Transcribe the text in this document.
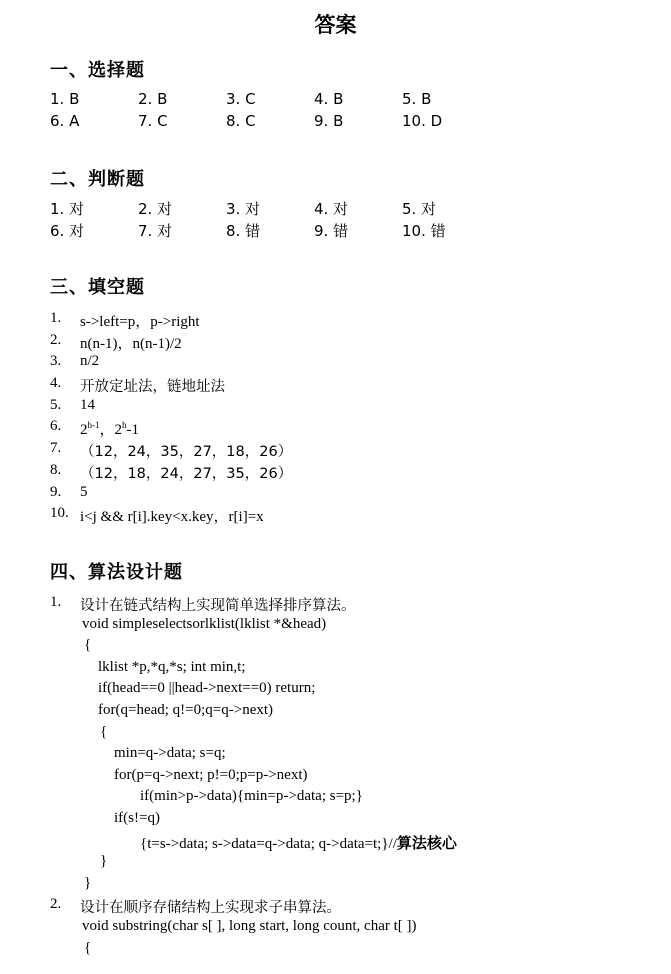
答案
一、选择题
1. B	2. B	3. C	4. B	5. B
6. A	7. C	8. C	9. B	10. D
二、判断题
1. 对	2. 对	3. 对	4. 对	5. 对
6. 对	7. 对	8. 错	9. 错	10. 错
三、填空题
1. s->left=p，p->right
2. n(n-1)，n(n-1)/2
3. n/2
4. 开放定址法，链地址法
5. 14
6. 2$^{h-1}$，2$^h$-1
7. （12，24，35，27，18，26）
8. （12，18，24，27，35，26）
9. 5
10. i<j && r[i].key<x.key，r[i]=x
四、算法设计题
1. 设计在链式结构上实现简单选择排序算法。
void simpleselectsorlklist(lklist *&head)
{
lklist *p,*q,*s; int min,t;
if(head==0 ||head->next==0) return;
for(q=head; q!=0;q=q->next)
{
min=q->data; s=q;
for(p=q->next; p!=0;p=p->next)
if(min>p->data){min=p->data; s=p;}
if(s!=q)
{t=s->data; s->data=q->data; q->data=t;}//算法核心
}
}
2. 设计在顺序存储结构上实现求子串算法。
void substring(char s[ ], long start, long count, char t[ ])
{
